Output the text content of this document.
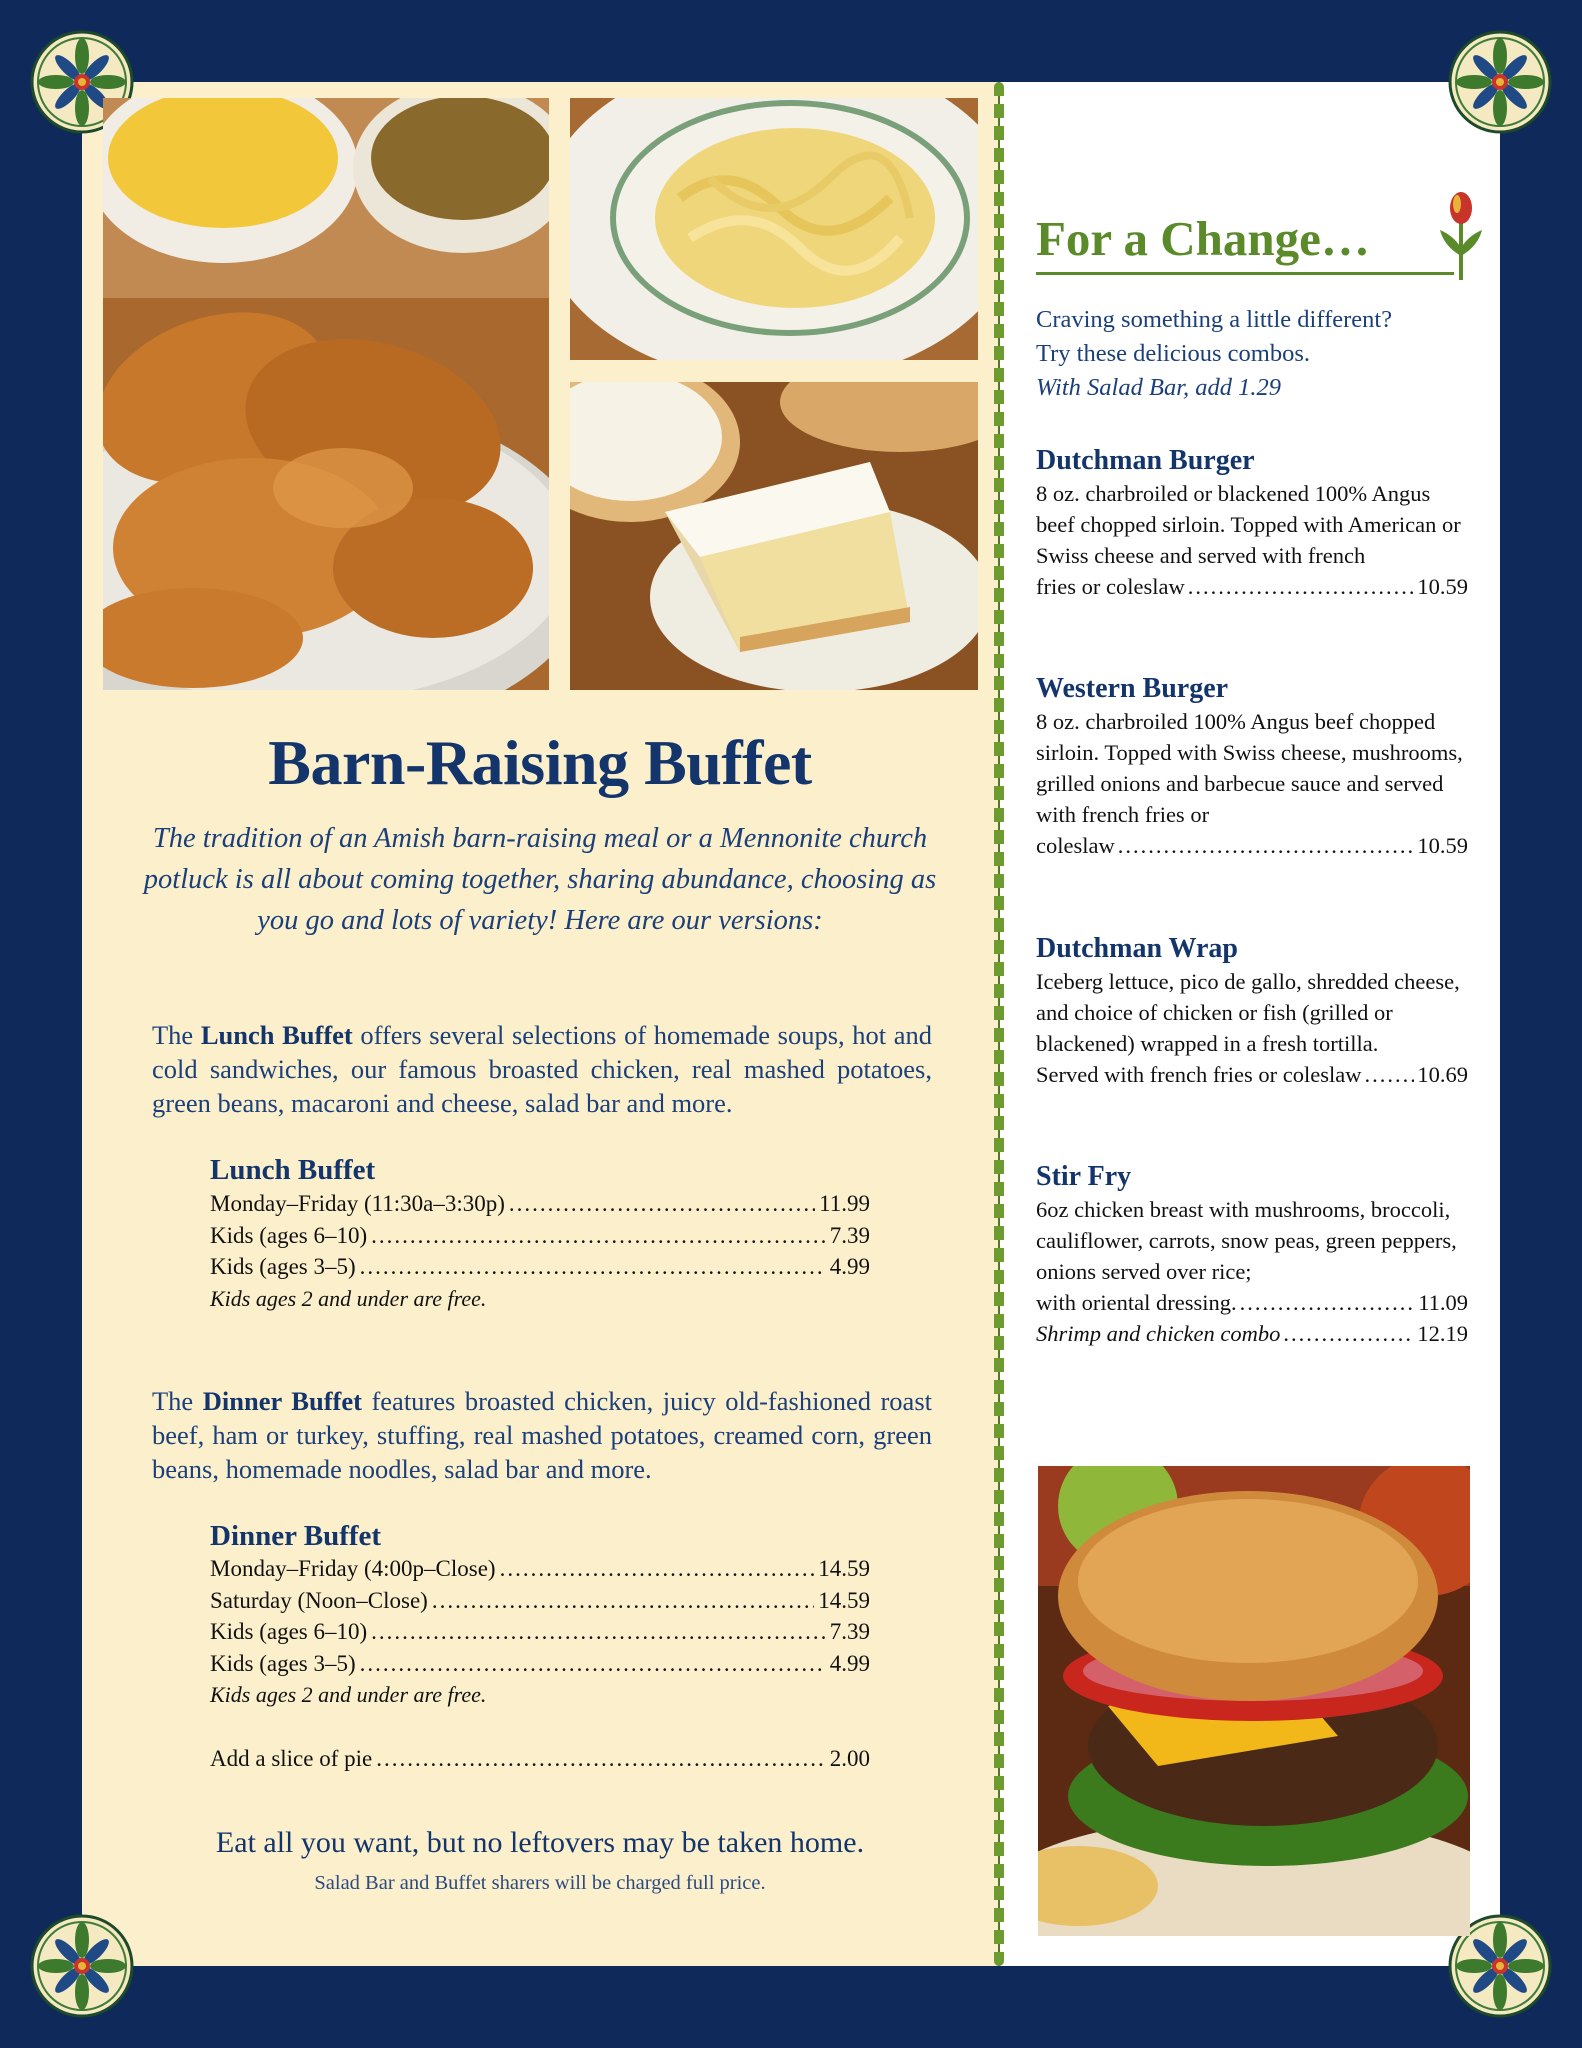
Barn-Raising Buffet
The tradition of an Amish barn-raising meal or a Mennonite church potluck is all about coming together, sharing abundance, choosing as you go and lots of variety! Here are our versions:
The Lunch Buffet offers several selections of homemade soups, hot and cold sandwiches, our famous broasted chicken, real mashed potatoes, green beans, macaroni and cheese, salad bar and more.
Lunch Buffet
Monday–Friday (11:30a–3:30p) .....	11.99
Kids (ages 6–10) .....	7.39
Kids (ages 3–5) .....	4.99
Kids ages 2 and under are free.
The Dinner Buffet features broasted chicken, juicy old-fashioned roast beef, ham or turkey, stuffing, real mashed potatoes, creamed corn, green beans, homemade noodles, salad bar and more.
Dinner Buffet
Monday–Friday (4:00p–Close) .....	14.59
Saturday (Noon–Close) .....	14.59
Kids (ages 6–10) .....	7.39
Kids (ages 3–5) .....	4.99
Kids ages 2 and under are free.
Add a slice of pie .....	2.00
Eat all you want, but no leftovers may be taken home.
Salad Bar and Buffet sharers will be charged full price.
For a Change…
Craving something a little different?
Try these delicious combos.
With Salad Bar, add 1.29
Dutchman Burger
8 oz. charbroiled or blackened 100% Angus beef chopped sirloin. Topped with American or Swiss cheese and served with french
fries or coleslaw .....	10.59
Western Burger
8 oz. charbroiled 100% Angus beef chopped sirloin. Topped with Swiss cheese, mushrooms, grilled onions and barbecue sauce and served with french fries or
coleslaw .....	10.59
Dutchman Wrap
Iceberg lettuce, pico de gallo, shredded cheese, and choice of chicken or fish (grilled or blackened) wrapped in a fresh tortilla.
Served with french fries or coleslaw ..... 10.69
Stir Fry
6oz chicken breast with mushrooms, broccoli, cauliflower, carrots, snow peas, green peppers, onions served over rice;
with oriental dressing. .....	11.09
Shrimp and chicken combo .....	12.19
